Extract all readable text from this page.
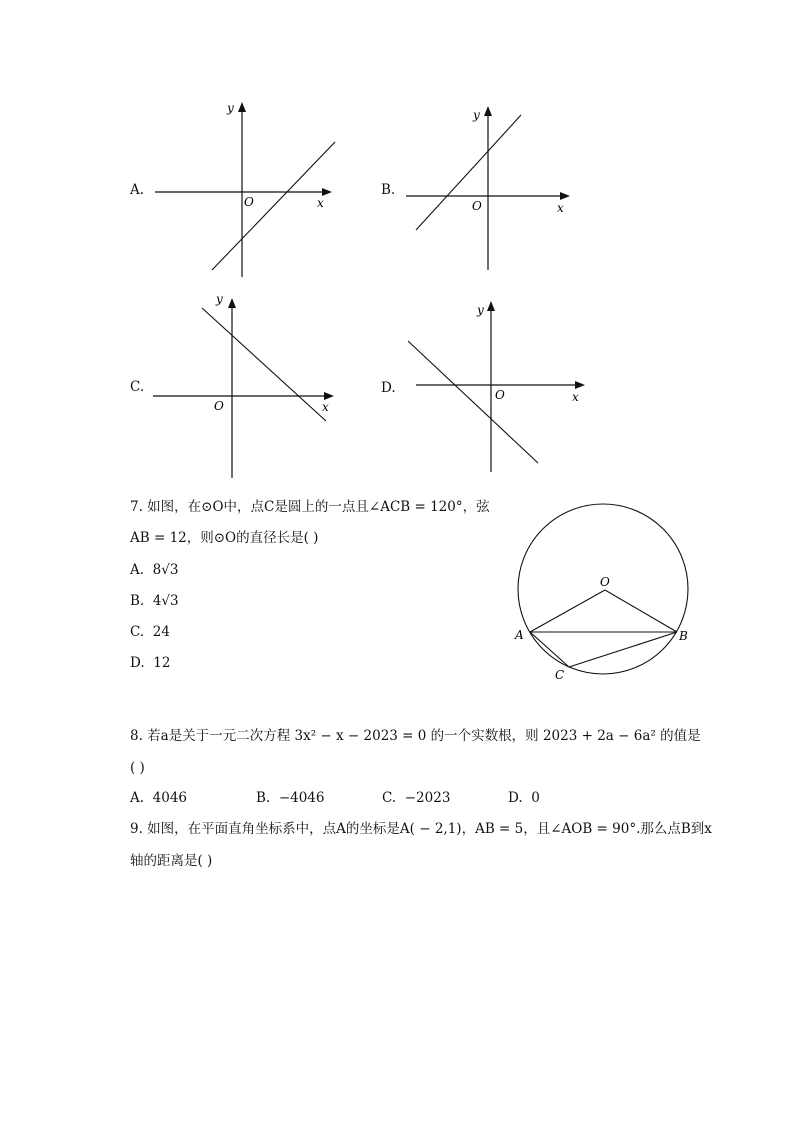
A.
y
x
O
B.
y
x
O
C.
y
x
O
D.
y
x
O
7. 如图，在⊙O中，点C是圆上的一点且∠ACB = 120°，弦
AB = 12，则⊙O的直径长是( )
A. 8√3
B. 4√3
C. 24
D. 12
O
A	B
C
8. 若a是关于一元二次方程 3x² − x − 2023 = 0 的一个实数根，则 2023 + 2a − 6a² 的值是
( )
A. 4046	B. −4046	C. −2023	D. 0
9. 如图，在平面直角坐标系中，点A的坐标是A( − 2,1)，AB = 5，且∠AOB = 90°.那么点B到x
轴的距离是( )
